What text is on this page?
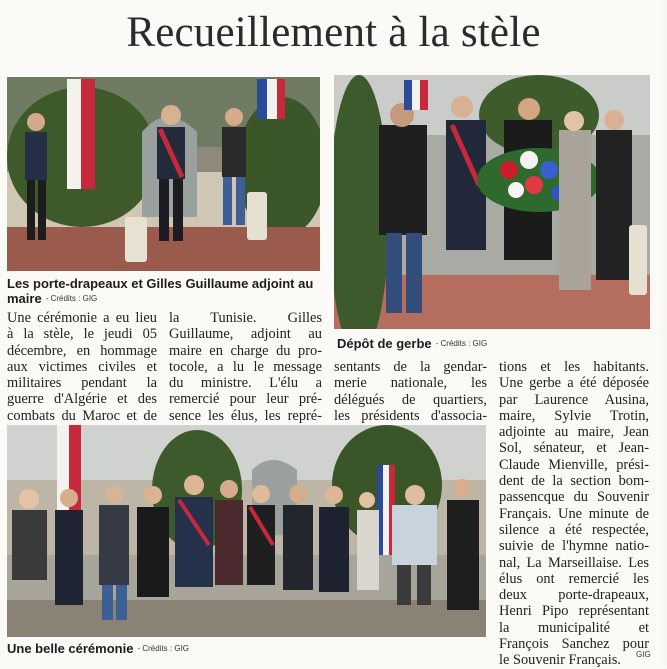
Recueillement à la stèle
Les porte-drapeaux et Gilles Guillaume adjoint au maire - Crédits : GIG
Dépôt de gerbe - Crédits : GIG
Une cérémonie a eu lieu
à la stèle, le jeudi 05
décembre, en hommage
aux victimes civiles et
militaires pendant la
guerre d'Algérie et des
combats du Maroc et de
la Tunisie. Gilles
Guillaume, adjoint au
maire en charge du pro-
tocole, a lu le message
du ministre. L'élu a
remercié pour leur pré-
sence les élus, les repré-
sentants de la gendar-
merie nationale, les
délégués de quartiers,
les présidents d'associa-
tions et les habitants.
Une gerbe a été déposée
par Laurence Ausina,
maire, Sylvie Trotin,
adjointe au maire, Jean
Sol, sénateur, et Jean-
Claude Mienville, prési-
dent de la section bom-
passencque du Souvenir
Français. Une minute de
silence a été respectée,
suivie de l'hymne natio-
nal, La Marseillaise. Les
élus ont remercié les
deux porte-drapeaux,
Henri Pipo représentant
la municipalité et
François Sanchez pour
le Souvenir Français.
Une belle cérémonie - Crédits : GIG
GIG
